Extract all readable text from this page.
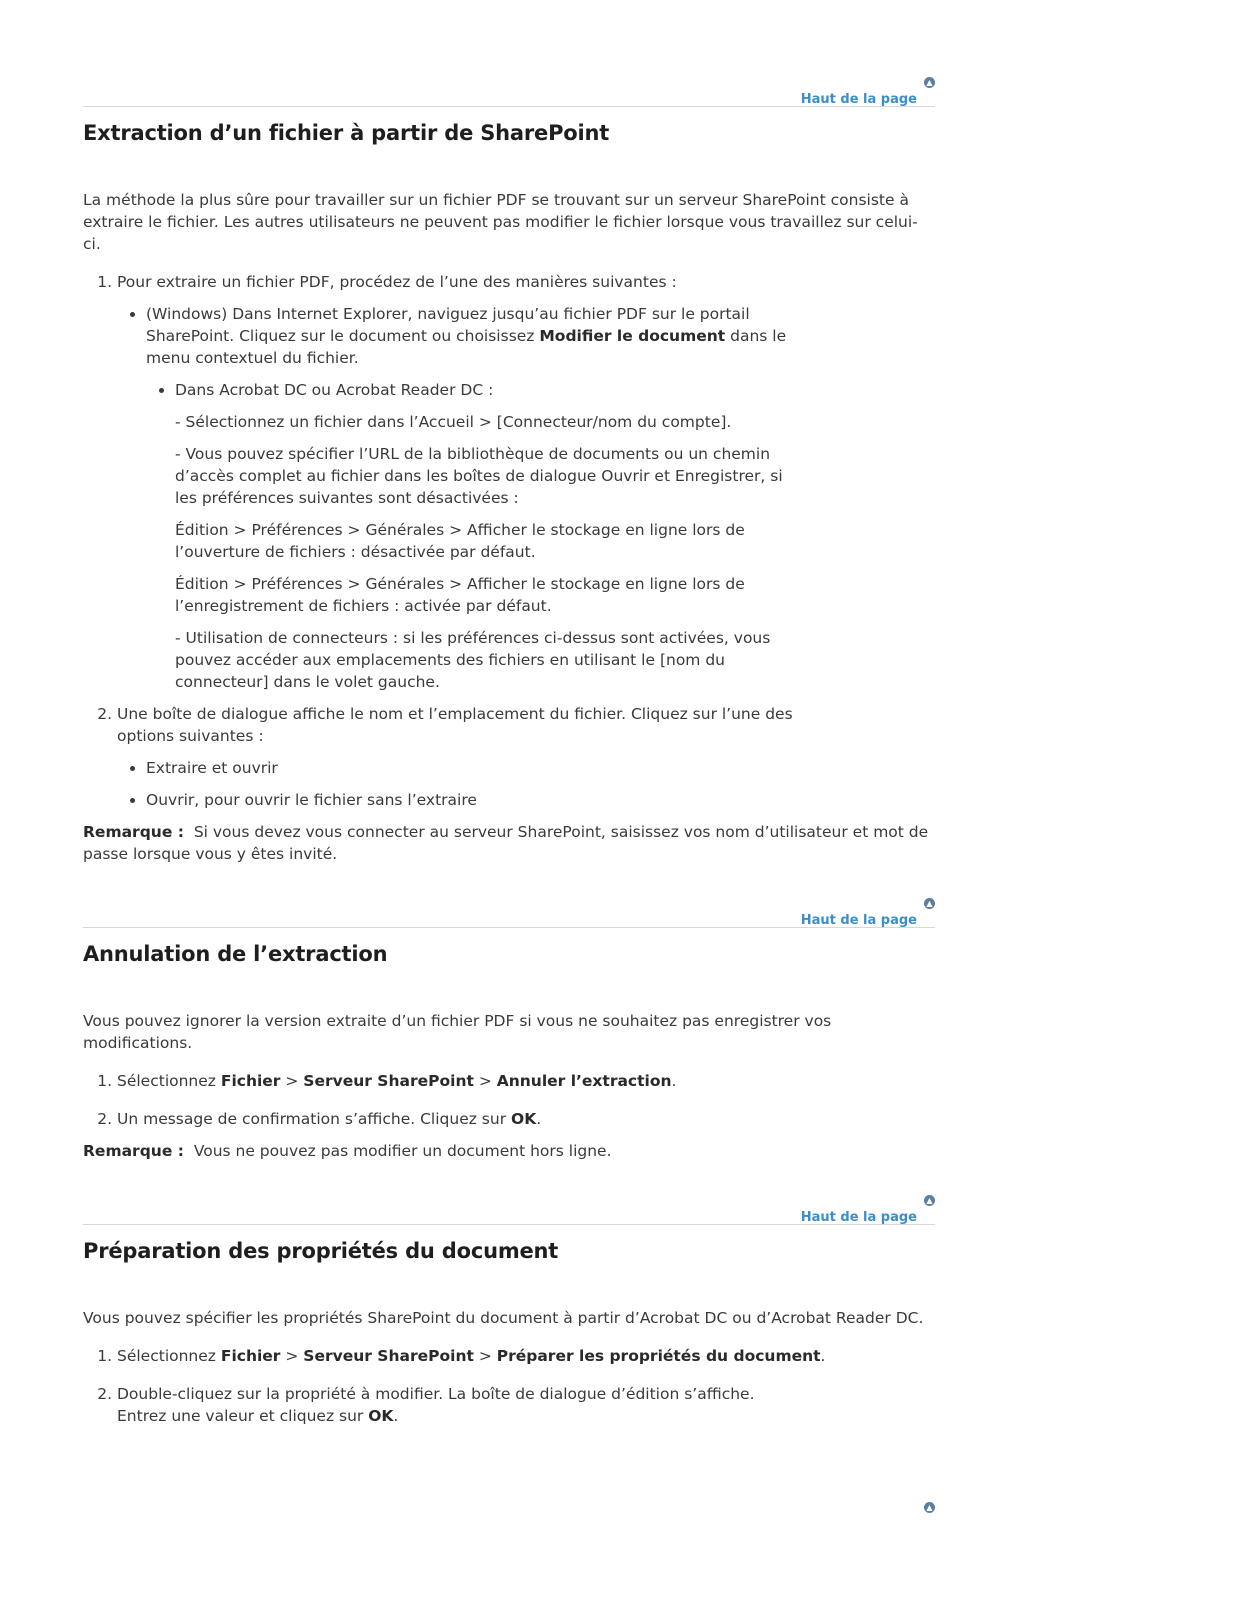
Haut de la page
▲
Extraction d’un fichier à partir de SharePoint

La méthode la plus sûre pour travailler sur un fichier PDF se trouvant sur un serveur SharePoint consiste à extraire le fichier. Les autres utilisateurs ne peuvent pas modifier le fichier lorsque vous travaillez sur celui-ci.

1. Pour extraire un fichier PDF, procédez de l’une des manières suivantes :
• (Windows) Dans Internet Explorer, naviguez jusqu’au fichier PDF sur le portail SharePoint. Cliquez sur le document ou choisissez Modifier le document dans le menu contextuel du fichier.
• Dans Acrobat DC ou Acrobat Reader DC :

- Sélectionnez un fichier dans l’Accueil > [Connecteur/nom du compte].

- Vous pouvez spécifier l’URL de la bibliothèque de documents ou un chemin d’accès complet au fichier dans les boîtes de dialogue Ouvrir et Enregistrer, si les préférences suivantes sont désactivées :

Édition > Préférences > Générales > Afficher le stockage en ligne lors de l’ouverture de fichiers : désactivée par défaut.

Édition > Préférences > Générales > Afficher le stockage en ligne lors de l’enregistrement de fichiers : activée par défaut.

- Utilisation de connecteurs : si les préférences ci-dessus sont activées, vous pouvez accéder aux emplacements des fichiers en utilisant le [nom du connecteur] dans le volet gauche.

2. Une boîte de dialogue affiche le nom et l’emplacement du fichier. Cliquez sur l’une des options suivantes :
• Extraire et ouvrir
• Ouvrir, pour ouvrir le fichier sans l’extraire

Remarque : Si vous devez vous connecter au serveur SharePoint, saisissez vos nom d’utilisateur et mot de passe lorsque vous y êtes invité.

Haut de la page
▲
Annulation de l’extraction

Vous pouvez ignorer la version extraite d’un fichier PDF si vous ne souhaitez pas enregistrer vos modifications.

1. Sélectionnez Fichier > Serveur SharePoint > Annuler l’extraction.
2. Un message de confirmation s’affiche. Cliquez sur OK.

Remarque : Vous ne pouvez pas modifier un document hors ligne.

Haut de la page
▲
Préparation des propriétés du document

Vous pouvez spécifier les propriétés SharePoint du document à partir d’Acrobat DC ou d’Acrobat Reader DC.

1. Sélectionnez Fichier > Serveur SharePoint > Préparer les propriétés du document.
2. Double-cliquez sur la propriété à modifier. La boîte de dialogue d’édition s’affiche. Entrez une valeur et cliquez sur OK.
▲
